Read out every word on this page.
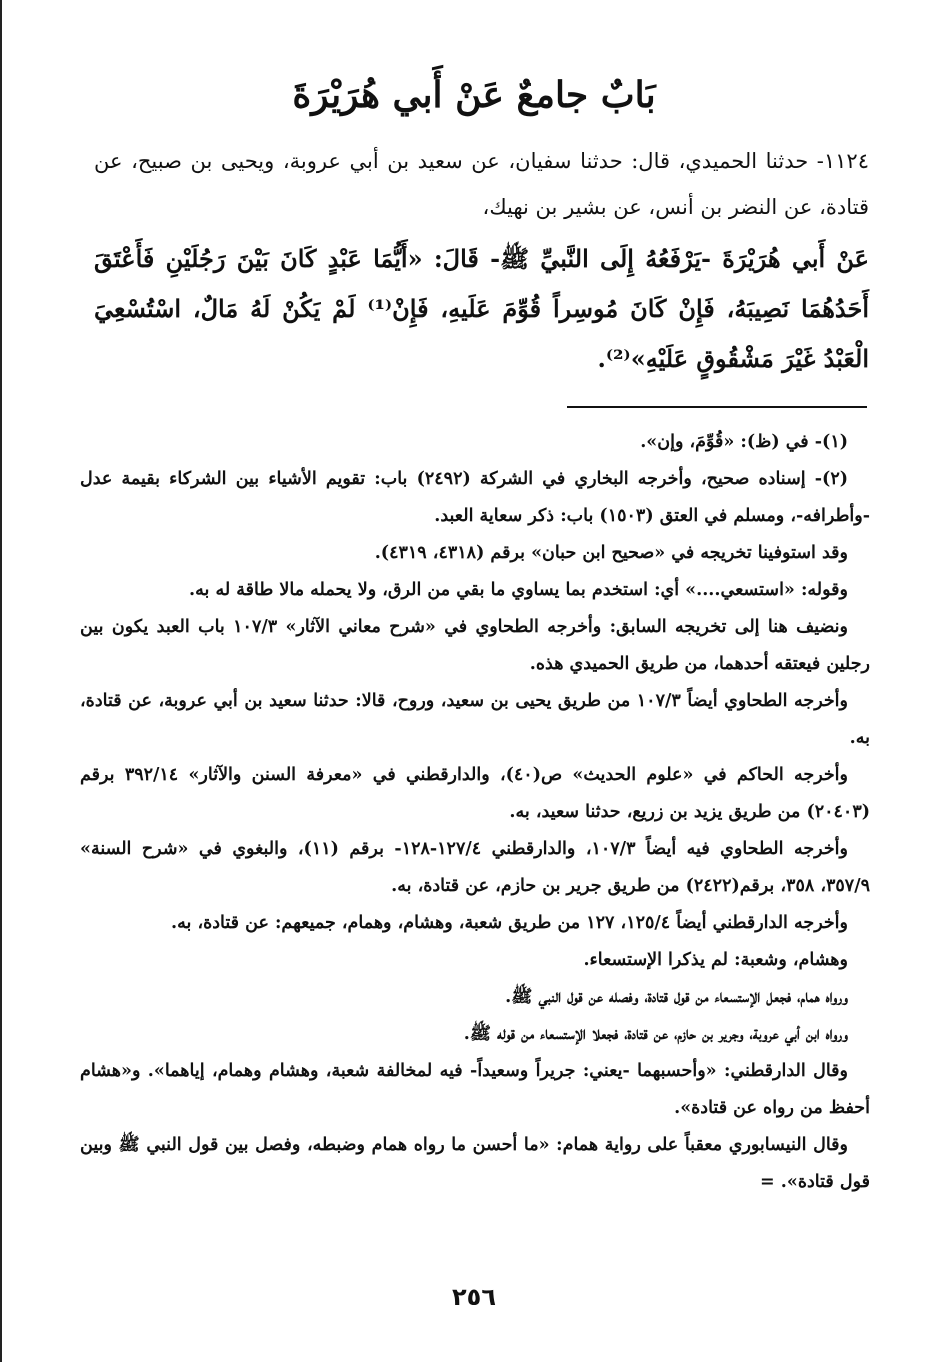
بَابٌ جامعٌ عَنْ أَبي هُرَيْرَةَ

١١٢٤- حدثنا الحميدي، قال: حدثنا سفيان، عن سعيد بن أبي عروبة، ويحيى بن صبيح، عن قتادة، عن النضر بن أنس، عن بشير بن نهيك،

عَنْ أَبي هُرَيْرَةَ -يَرْفَعُهُ إِلَى النَّبيِّ ﷺ- قَالَ: «أَيُّمَا عَبْدٍ كَانَ بَيْنَ رَجُلَيْنِ فَأَعْتَقَ أَحَدُهُمَا نَصِيبَهُ، فَإِنْ كَانَ مُوسِراً قُوِّمَ عَلَيهِ، فَإِنْ⁽¹⁾ لَمْ يَكُنْ لَهُ مَالٌ، اسْتُسْعِيَ الْعَبْدُ غَيْرَ مَشْقُوقٍ عَلَيْهِ»⁽²⁾.

(١)- في (ظ): «قُوِّمَ، وإن».

(٢)- إسناده صحيح، وأخرجه البخاري في الشركة (٢٤٩٢) باب: تقويم الأشياء بين الشركاء بقيمة عدل -وأطرافه-، ومسلم في العتق (١٥٠٣) باب: ذكر سعاية العبد.

وقد استوفينا تخريجه في «صحيح ابن حبان» برقم (٤٣١٨، ٤٣١٩).

وقوله: «استسعي....» أي: استخدم بما يساوي ما بقي من الرق، ولا يحمله مالا طاقة له به.

ونضيف هنا إلى تخريجه السابق: وأخرجه الطحاوي في «شرح معاني الآثار» ١٠٧/٣ باب العبد يكون بين رجلين فيعتقه أحدهما، من طريق الحميدي هذه.

وأخرجه الطحاوي أيضاً ١٠٧/٣ من طريق يحيى بن سعيد، وروح، قالا: حدثنا سعيد بن أبي عروبة، عن قتادة، به.

وأخرجه الحاكم في «علوم الحديث» ص(٤٠)، والدارقطني في «معرفة السنن والآثار» ٣٩٢/١٤ برقم (٢٠٤٠٣) من طريق يزيد بن زريع، حدثنا سعيد، به.

وأخرجه الطحاوي فيه أيضاً ١٠٧/٣، والدارقطني ١٢٧/٤-١٢٨- برقم (١١)، والبغوي في «شرح السنة» ٣٥٧/٩، ٣٥٨، برقم(٢٤٢٢) من طريق جرير بن حازم، عن قتادة، به.

وأخرجه الدارقطني أيضاً ١٢٥/٤، ١٢٧ من طريق شعبة، وهشام، وهمام، جميعهم: عن قتادة، به.

وهشام، وشعبة: لم يذكرا الإستسعاء.

ورواه همام، فجعل الإستسعاء من قول قتادة، وفصله عن قول النبي ﷺ.

ورواه ابن أبي عروبة، وجرير بن حازم، عن قتادة، فجعلا الإستسعاء من قوله ﷺ.

وقال الدارقطني: «وأحسبهما -يعني: جريراً وسعيداً- فيه لمخالفة شعبة، وهشام وهمام، إياهما». و«هشام أحفظ من رواه عن قتادة».

وقال النيسابوري معقباً على رواية همام: «ما أحسن ما رواه همام وضبطه، وفصل بين قول النبي ﷺ وبين قول قتادة». =

٢٥٦
